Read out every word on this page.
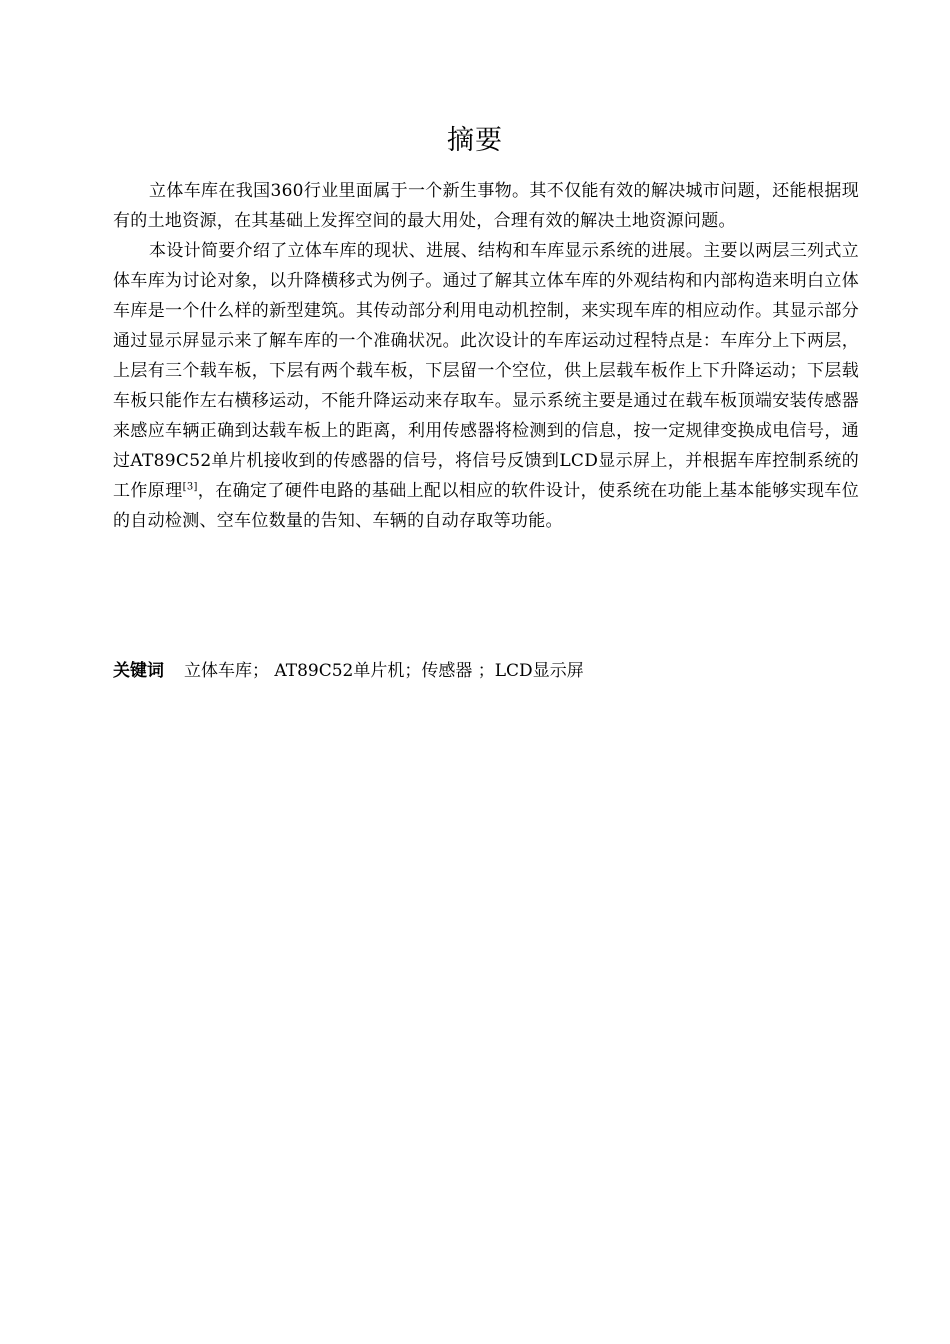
摘要

立体车库在我国360行业里面属于一个新生事物。其不仅能有效的解决城市问题，还能根据现有的土地资源，在其基础上发挥空间的最大用处，合理有效的解决土地资源问题。

本设计简要介绍了立体车库的现状、进展、结构和车库显示系统的进展。主要以两层三列式立体车库为讨论对象，以升降横移式为例子。通过了解其立体车库的外观结构和内部构造来明白立体车库是一个什么样的新型建筑。其传动部分利用电动机控制，来实现车库的相应动作。其显示部分通过显示屏显示来了解车库的一个准确状况。此次设计的车库运动过程特点是：车库分上下两层，上层有三个载车板，下层有两个载车板，下层留一个空位，供上层载车板作上下升降运动；下层载车板只能作左右横移运动，不能升降运动来存取车。显示系统主要是通过在载车板顶端安装传感器来感应车辆正确到达载车板上的距离，利用传感器将检测到的信息，按一定规律变换成电信号，通过AT89C52单片机接收到的传感器的信号，将信号反馈到LCD显示屏上，并根据车库控制系统的工作原理[3]，在确定了硬件电路的基础上配以相应的软件设计，使系统在功能上基本能够实现车位的自动检测、空车位数量的告知、车辆的自动存取等功能。

关键词 立体车库； AT89C52单片机；传感器 ；LCD显示屏
